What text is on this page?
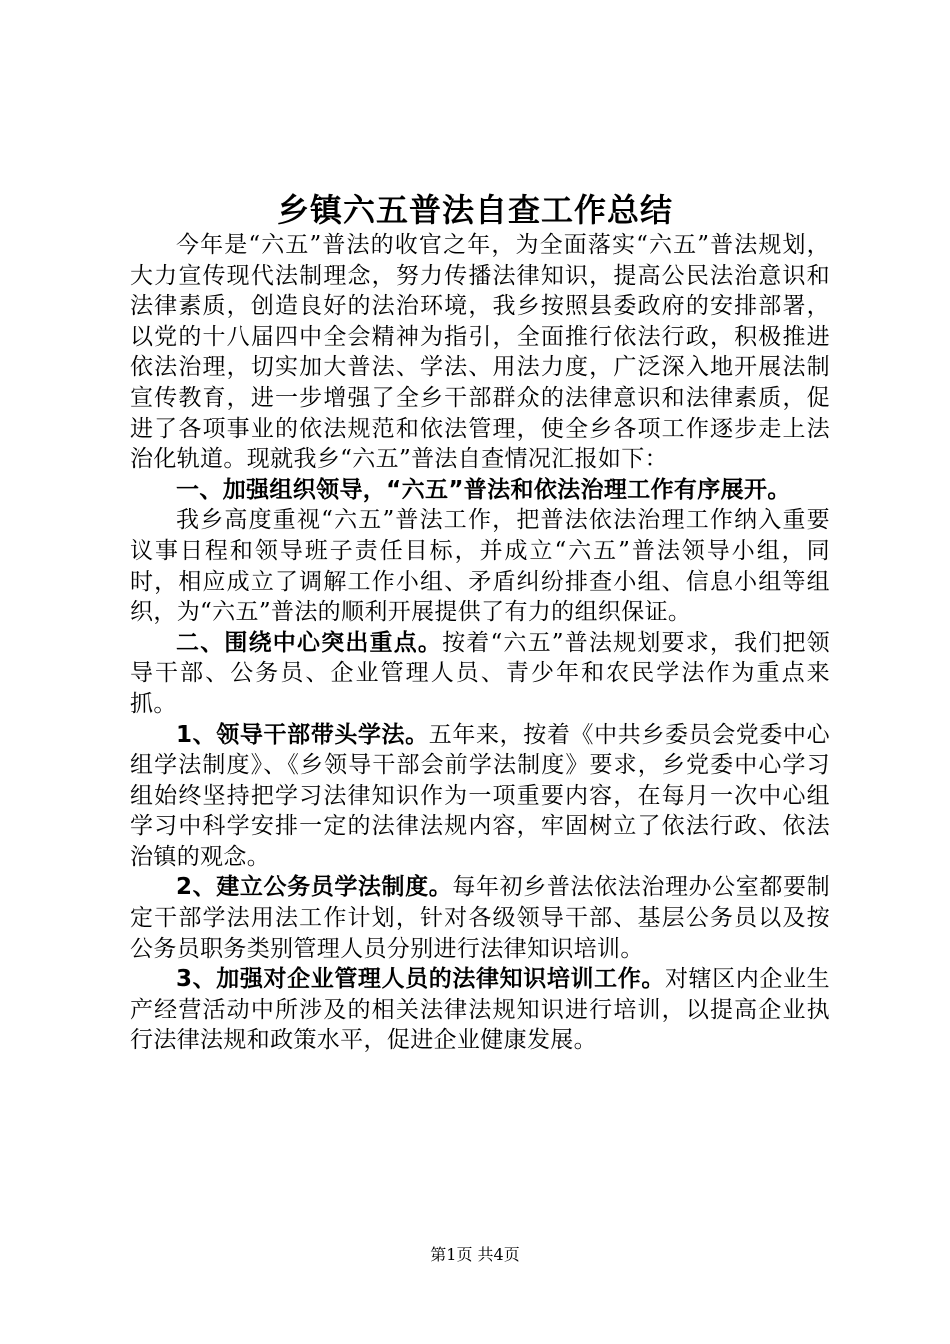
乡镇六五普法自查工作总结

今年是“六五”普法的收官之年，为全面落实“六五”普法规划，大力宣传现代法制理念，努力传播法律知识，提高公民法治意识和法律素质，创造良好的法治环境，我乡按照县委政府的安排部署，以党的十八届四中全会精神为指引，全面推行依法行政，积极推进依法治理，切实加大普法、学法、用法力度，广泛深入地开展法制宣传教育，进一步增强了全乡干部群众的法律意识和法律素质，促进了各项事业的依法规范和依法管理，使全乡各项工作逐步走上法治化轨道。现就我乡“六五”普法自查情况汇报如下：

一、加强组织领导，“六五”普法和依法治理工作有序展开。

我乡高度重视“六五”普法工作，把普法依法治理工作纳入重要议事日程和领导班子责任目标，并成立“六五”普法领导小组，同时，相应成立了调解工作小组、矛盾纠纷排查小组、信息小组等组织，为“六五”普法的顺利开展提供了有力的组织保证。

二、围绕中心突出重点。按着“六五”普法规划要求，我们把领导干部、公务员、企业管理人员、青少年和农民学法作为重点来抓。

1、领导干部带头学法。五年来，按着《中共乡委员会党委中心组学法制度》、《乡领导干部会前学法制度》要求，乡党委中心学习组始终坚持把学习法律知识作为一项重要内容，在每月一次中心组学习中科学安排一定的法律法规内容，牢固树立了依法行政、依法治镇的观念。

2、建立公务员学法制度。每年初乡普法依法治理办公室都要制定干部学法用法工作计划，针对各级领导干部、基层公务员以及按公务员职务类别管理人员分别进行法律知识培训。

3、加强对企业管理人员的法律知识培训工作。对辖区内企业生产经营活动中所涉及的相关法律法规知识进行培训，以提高企业执行法律法规和政策水平，促进企业健康发展。

第1页 共4页
